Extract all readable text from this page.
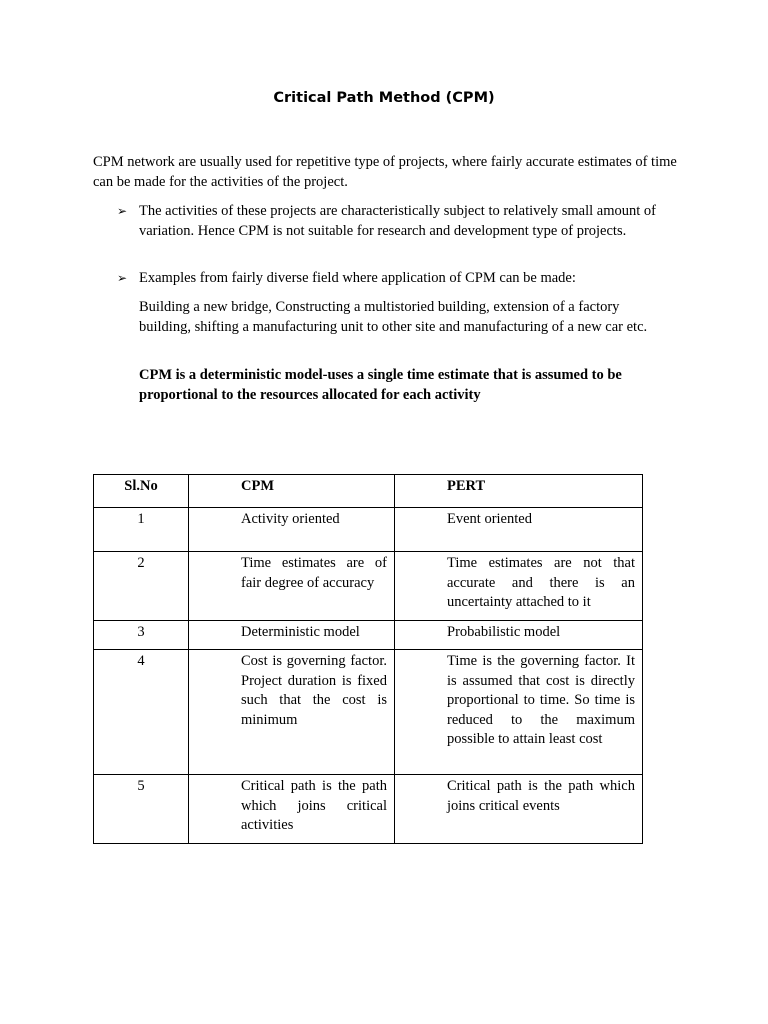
Critical Path Method (CPM)

CPM network are usually used for repetitive type of projects, where fairly accurate estimates of time can be made for the activities of the project.

➢ The activities of these projects are characteristically subject to relatively small amount of variation. Hence CPM is not suitable for research and development type of projects.
➢ Examples from fairly diverse field where application of CPM can be made:

Building a new bridge, Constructing a multistoried building, extension of a factory building, shifting a manufacturing unit to other site and manufacturing of a new car etc.

CPM is a deterministic model-uses a single time estimate that is assumed to be proportional to the resources allocated for each activity

Sl.No	CPM	PERT

1	Activity oriented	Event oriented

2	Time estimates are of fair degree of accuracy	Time estimates are not that accurate and there is an uncertainty attached to it

3	Deterministic model	Probabilistic model

4	Cost is governing factor. Project duration is fixed such that the cost is minimum	Time is the governing factor. It is assumed that cost is directly proportional to time. So time is reduced to the maximum possible to attain least cost

5	Critical path is the path which joins critical activities	Critical path is the path which joins critical events
